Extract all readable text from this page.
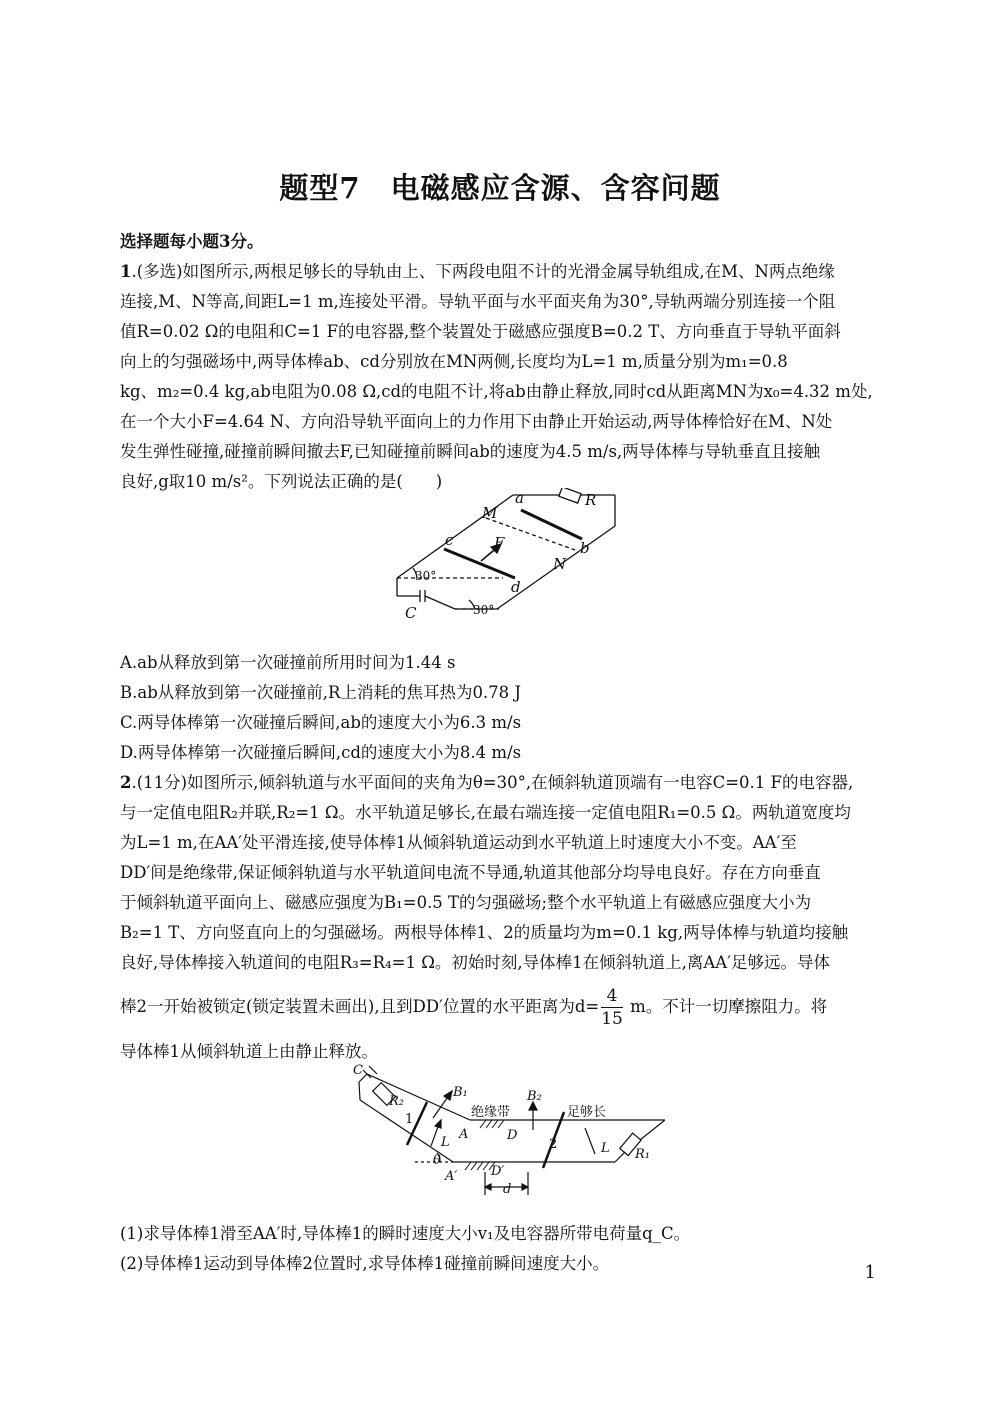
题型7　电磁感应含源、含容问题
选择题每小题3分。
1.(多选)如图所示,两根足够长的导轨由上、下两段电阻不计的光滑金属导轨组成,在M、N两点绝缘
连接,M、N等高,间距L=1 m,连接处平滑。导轨平面与水平面夹角为30°,导轨两端分别连接一个阻
值R=0.02 Ω的电阻和C=1 F的电容器,整个装置处于磁感应强度B=0.2 T、方向垂直于导轨平面斜
向上的匀强磁场中,两导体棒ab、cd分别放在MN两侧,长度均为L=1 m,质量分别为m₁=0.8
kg、m₂=0.4 kg,ab电阻为0.08 Ω,cd的电阻不计,将ab由静止释放,同时cd从距离MN为x₀=4.32 m处,
在一个大小F=4.64 N、方向沿导轨平面向上的力作用下由静止开始运动,两导体棒恰好在M、N处
发生弹性碰撞,碰撞前瞬间撤去F,已知碰撞前瞬间ab的速度为4.5 m/s,两导体棒与导轨垂直且接触
良好,g取10 m/s²。下列说法正确的是(　　)
a	R
M
c	F	b
N
d
C
30°
30°
A.ab从释放到第一次碰撞前所用时间为1.44 s
B.ab从释放到第一次碰撞前,R上消耗的焦耳热为0.78 J
C.两导体棒第一次碰撞后瞬间,ab的速度大小为6.3 m/s
D.两导体棒第一次碰撞后瞬间,cd的速度大小为8.4 m/s
2.(11分)如图所示,倾斜轨道与水平面间的夹角为θ=30°,在倾斜轨道顶端有一电容C=0.1 F的电容器,
与一定值电阻R₂并联,R₂=1 Ω。水平轨道足够长,在最右端连接一定值电阻R₁=0.5 Ω。两轨道宽度均
为L=1 m,在AA′处平滑连接,使导体棒1从倾斜轨道运动到水平轨道上时速度大小不变。AA′至
DD′间是绝缘带,保证倾斜轨道与水平轨道间电流不导通,轨道其他部分均导电良好。存在方向垂直
于倾斜轨道平面向上、磁感应强度为B₁=0.5 T的匀强磁场;整个水平轨道上有磁感应强度大小为
B₂=1 T、方向竖直向上的匀强磁场。两根导体棒1、2的质量均为m=0.1 kg,两导体棒与轨道均接触
良好,导体棒接入轨道间的电阻R₃=R₄=1 Ω。初始时刻,导体棒1在倾斜轨道上,离AA′足够远。导体
棒2一开始被锁定(锁定装置未画出),且到DD′位置的水平距离为$d= \frac{4}{15}$ m。不计一切摩擦阻力。将
导体棒1从倾斜轨道上由静止释放。
C
R₂
B₁	B₂
L	L
A	D
A′	D′
θ
d
R₁
1
2
绝缘带	足够长
(1)求导体棒1滑至AA′时,导体棒1的瞬时速度大小v₁及电容器所带电荷量q_C。
(2)导体棒1运动到导体棒2位置时,求导体棒1碰撞前瞬间速度大小。	1
